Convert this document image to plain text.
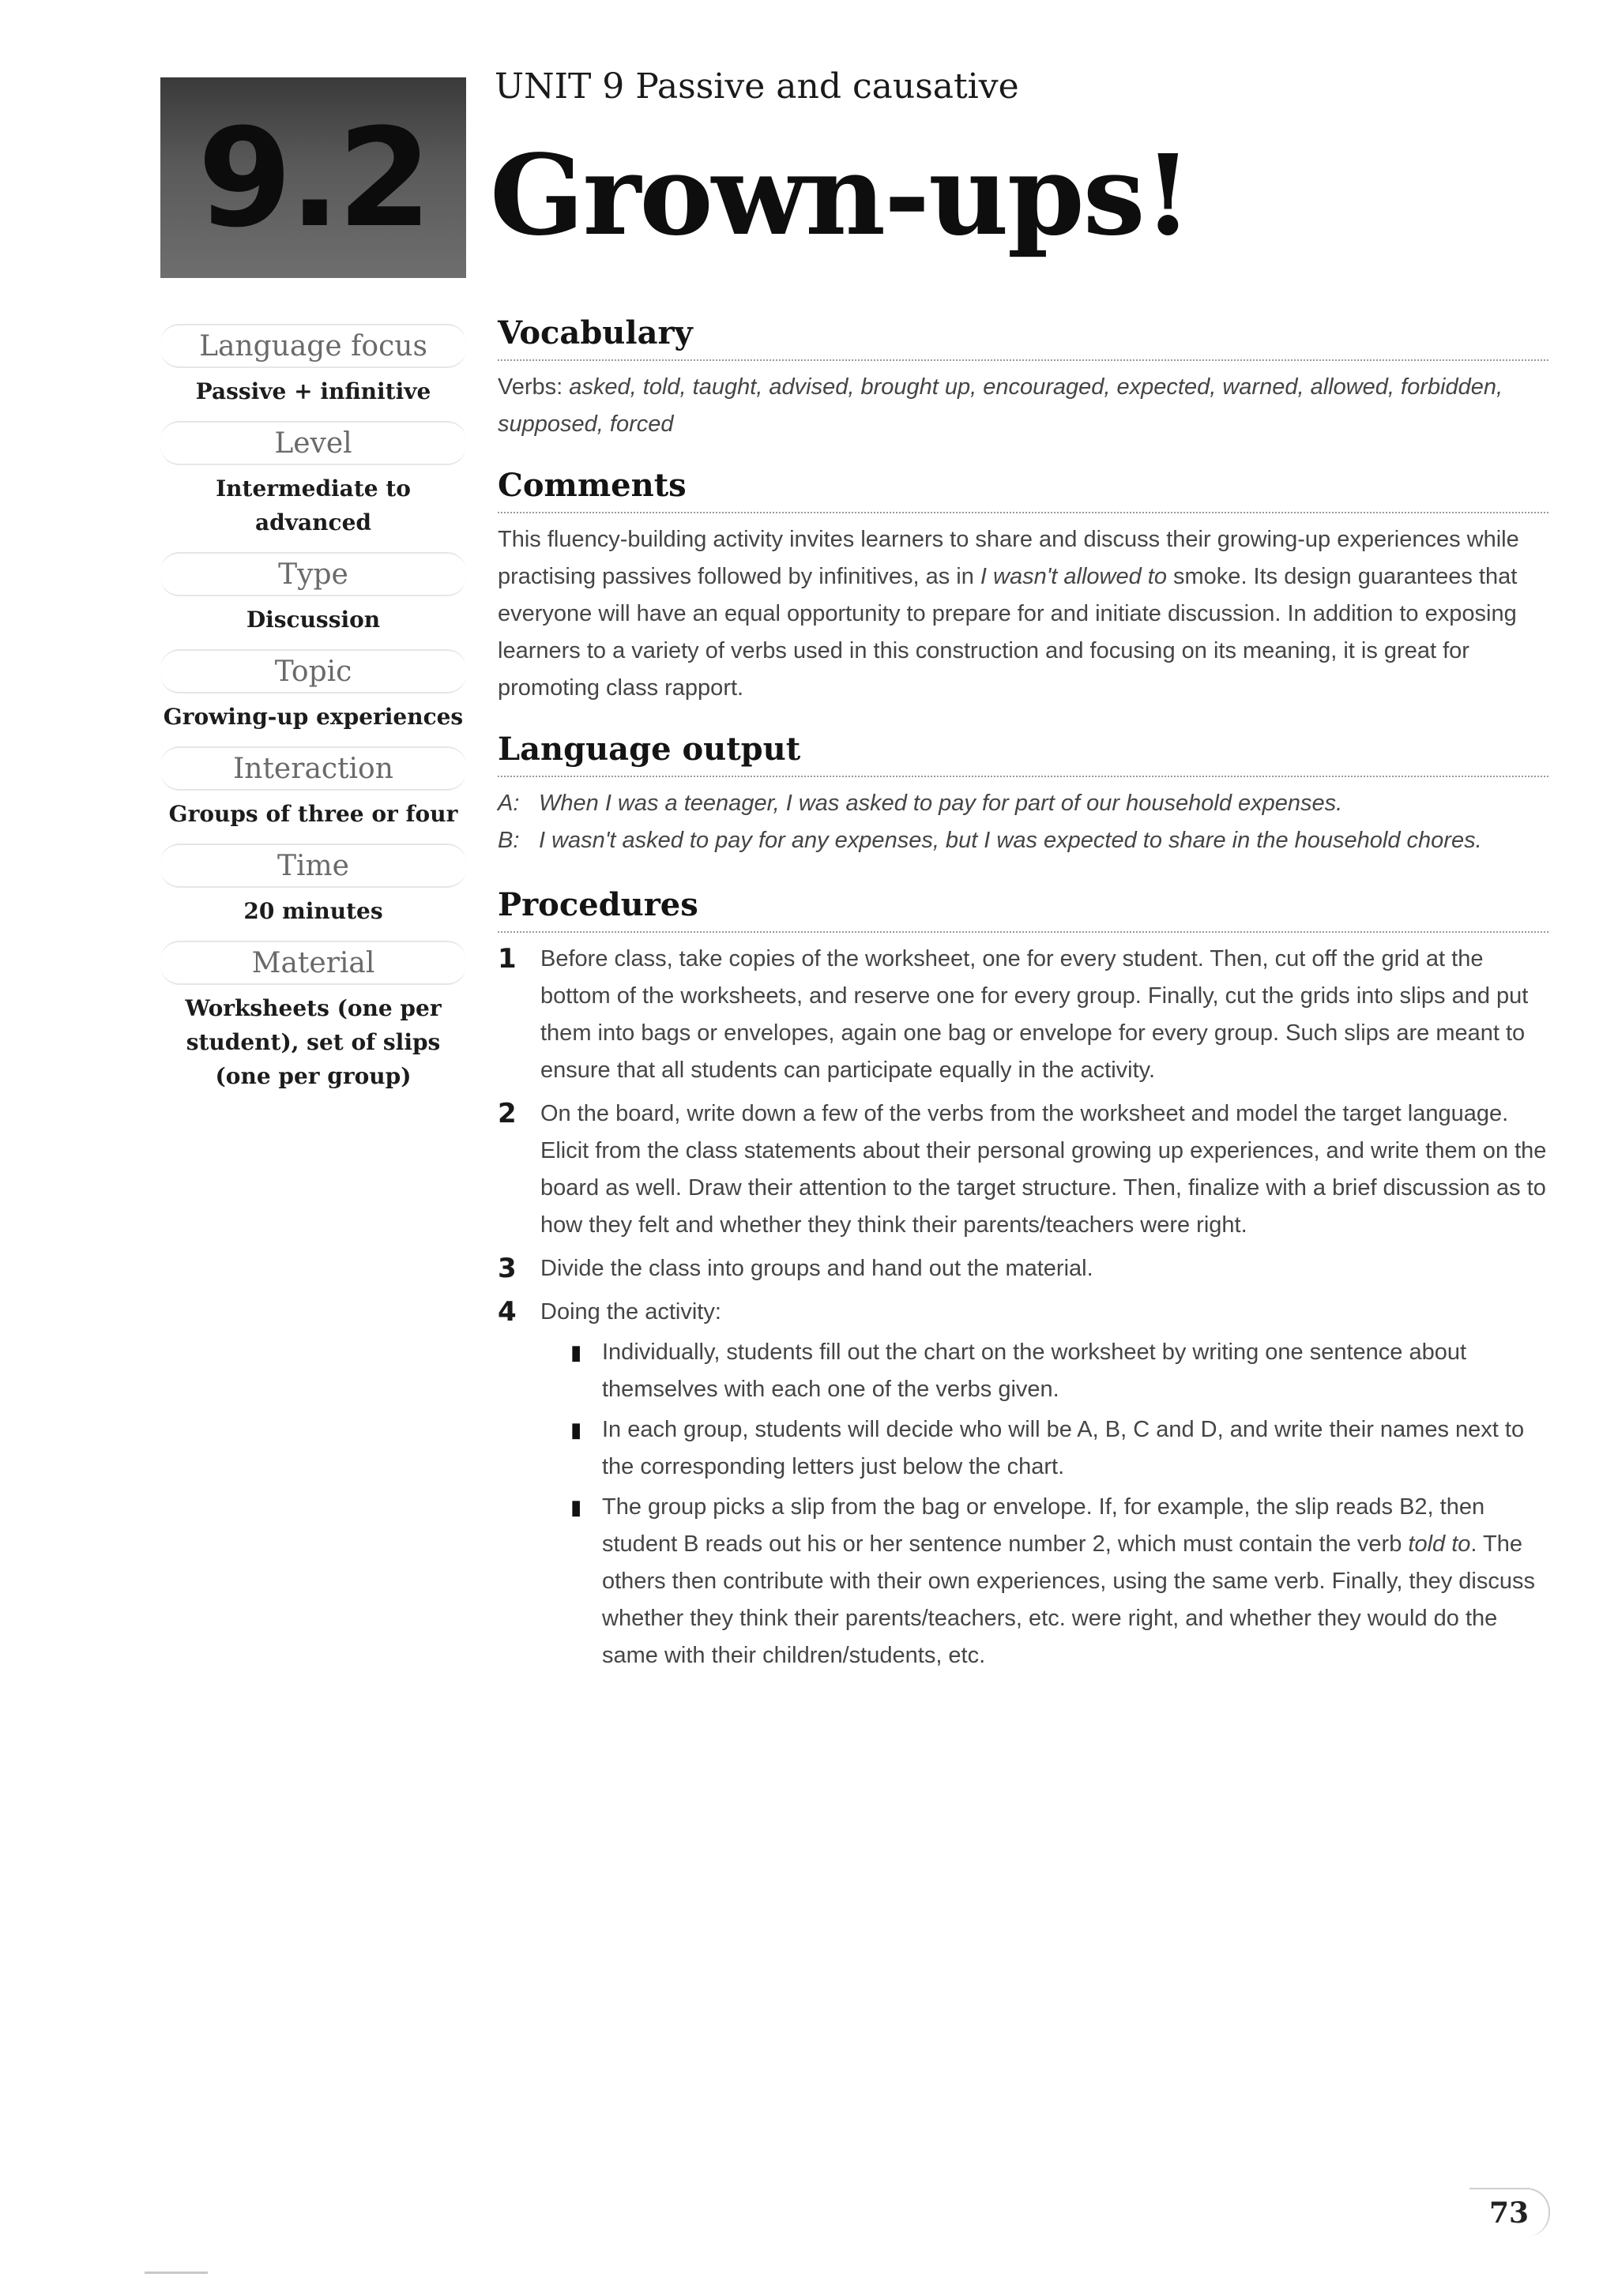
9.2
UNIT 9 Passive and causative
Grown-ups!
Language focus
Passive + infinitive
Level
Intermediate to advanced
Type
Discussion
Topic
Growing-up experiences
Interaction
Groups of three or four
Time
20 minutes
Material
Worksheets (one per student), set of slips (one per group)
Vocabulary
Verbs: asked, told, taught, advised, brought up, encouraged, expected, warned, allowed, forbidden, supposed, forced
Comments
This fluency-building activity invites learners to share and discuss their growing-up experiences while practising passives followed by infinitives, as in I wasn't allowed to smoke. Its design guarantees that everyone will have an equal opportunity to prepare for and initiate discussion. In addition to exposing learners to a variety of verbs used in this construction and focusing on its meaning, it is great for promoting class rapport.
Language output
A: When I was a teenager, I was asked to pay for part of our household expenses.
B: I wasn't asked to pay for any expenses, but I was expected to share in the household chores.
Procedures
1	Before class, take copies of the worksheet, one for every student. Then, cut off the grid at the bottom of the worksheets, and reserve one for every group. Finally, cut the grids into slips and put them into bags or envelopes, again one bag or envelope for every group. Such slips are meant to ensure that all students can participate equally in the activity.
2	On the board, write down a few of the verbs from the worksheet and model the target language. Elicit from the class statements about their personal growing up experiences, and write them on the board as well. Draw their attention to the target structure. Then, finalize with a brief discussion as to how they felt and whether they think their parents/teachers were right.
3	Divide the class into groups and hand out the material.
4	Doing the activity:
▮ Individually, students fill out the chart on the worksheet by writing one sentence about themselves with each one of the verbs given.
▮ In each group, students will decide who will be A, B, C and D, and write their names next to the corresponding letters just below the chart.
▮ The group picks a slip from the bag or envelope. If, for example, the slip reads B2, then student B reads out his or her sentence number 2, which must contain the verb told to. The others then contribute with their own experiences, using the same verb. Finally, they discuss whether they think their parents/teachers, etc. were right, and whether they would do the same with their children/students, etc.
73
